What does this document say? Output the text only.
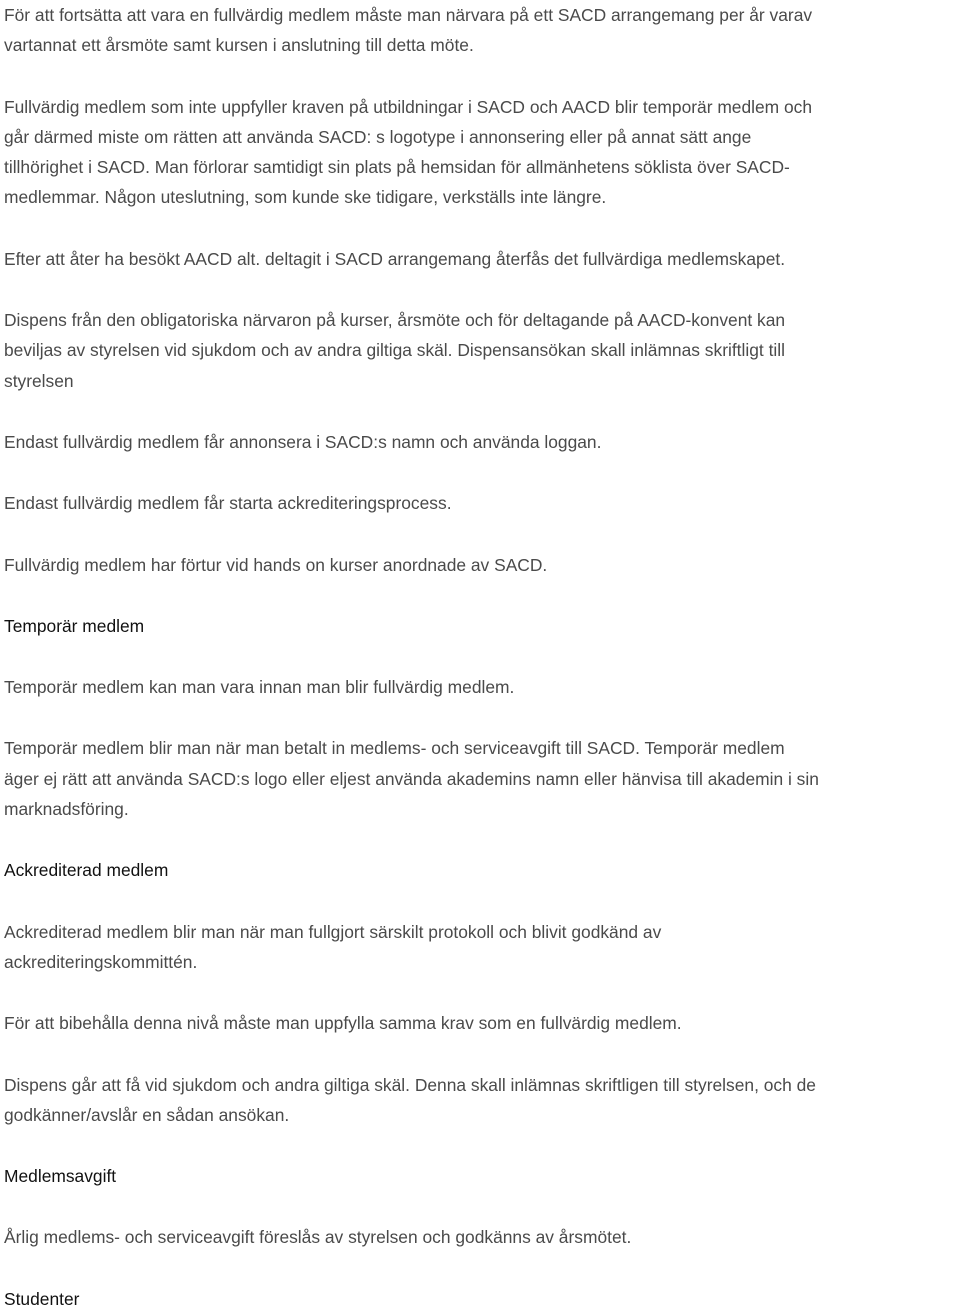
För att fortsätta att vara en fullvärdig medlem måste man närvara på ett SACD arrangemang per år varav
vartannat ett årsmöte samt kursen i anslutning till detta möte.

Fullvärdig medlem som inte uppfyller kraven på utbildningar i SACD och AACD blir temporär medlem och
går därmed miste om rätten att använda SACD: s logotype i annonsering eller på annat sätt ange
tillhörighet i SACD. Man förlorar samtidigt sin plats på hemsidan för allmänhetens söklista över SACD-
medlemmar. Någon uteslutning, som kunde ske tidigare, verkställs inte längre.

Efter att åter ha besökt AACD alt. deltagit i SACD arrangemang återfås det fullvärdiga medlemskapet.

Dispens från den obligatoriska närvaron på kurser, årsmöte och för deltagande på AACD-konvent kan
beviljas av styrelsen vid sjukdom och av andra giltiga skäl. Dispensansökan skall inlämnas skriftligt till
styrelsen

Endast fullvärdig medlem får annonsera i SACD:s namn och använda loggan.

Endast fullvärdig medlem får starta ackrediteringsprocess.

Fullvärdig medlem har förtur vid hands on kurser anordnade av SACD.

Temporär medlem

Temporär medlem kan man vara innan man blir fullvärdig medlem.

Temporär medlem blir man när man betalt in medlems- och serviceavgift till SACD. Temporär medlem
äger ej rätt att använda SACD:s logo eller eljest använda akademins namn eller hänvisa till akademin i sin
marknadsföring.

Ackrediterad medlem

Ackrediterad medlem blir man när man fullgjort särskilt protokoll och blivit godkänd av
ackrediteringskommittén.

För att bibehålla denna nivå måste man uppfylla samma krav som en fullvärdig medlem.

Dispens går att få vid sjukdom och andra giltiga skäl. Denna skall inlämnas skriftligen till styrelsen, och de
godkänner/avslår en sådan ansökan.

Medlemsavgift

Årlig medlems- och serviceavgift föreslås av styrelsen och godkänns av årsmötet.

Studenter
